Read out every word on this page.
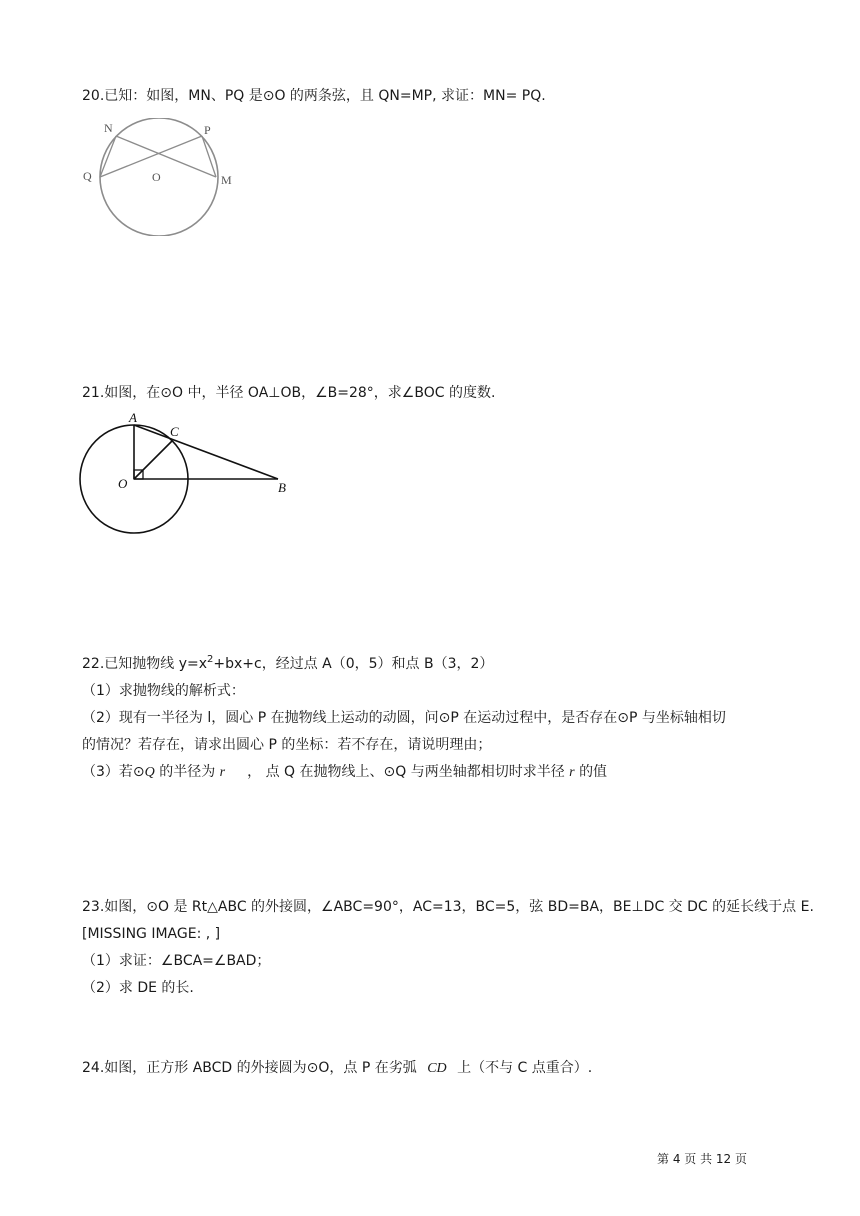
20.已知：如图，MN、PQ 是⊙O 的两条弦，且 QN=MP, 求证：MN= PQ.
N	P
Q	O	M
21.如图，在⊙O 中，半径 OA⊥OB，∠B=28°，求∠BOC 的度数.
A
C
O	B
22.已知抛物线 $y=x^2+bx+c$，经过点 A（0，5）和点 B（3，2）
（1）求抛物线的解析式：
（2）现有一半径为 l，圆心 P 在抛物线上运动的动圆，问⊙P 在运动过程中，是否存在⊙P 与坐标轴相切
的情况？若存在，请求出圆心 P 的坐标：若不存在，请说明理由；
（3）若⊙Q 的半径为 r ， 点 Q 在抛物线上、⊙Q 与两坐轴都相切时求半径 r 的值
23.如图，⊙O 是 Rt△ABC 的外接圆，∠ABC=90°，AC=13，BC=5，弦 BD=BA，BE⊥DC 交 DC 的延长线于点 E.
[MISSING IMAGE: , ]
（1）求证：∠BCA=∠BAD；
（2）求 DE 的长.
24.如图，正方形 ABCD 的外接圆为⊙O，点 P 在劣弧 CD 上（不与 C 点重合）.
第 4 页 共 12 页
